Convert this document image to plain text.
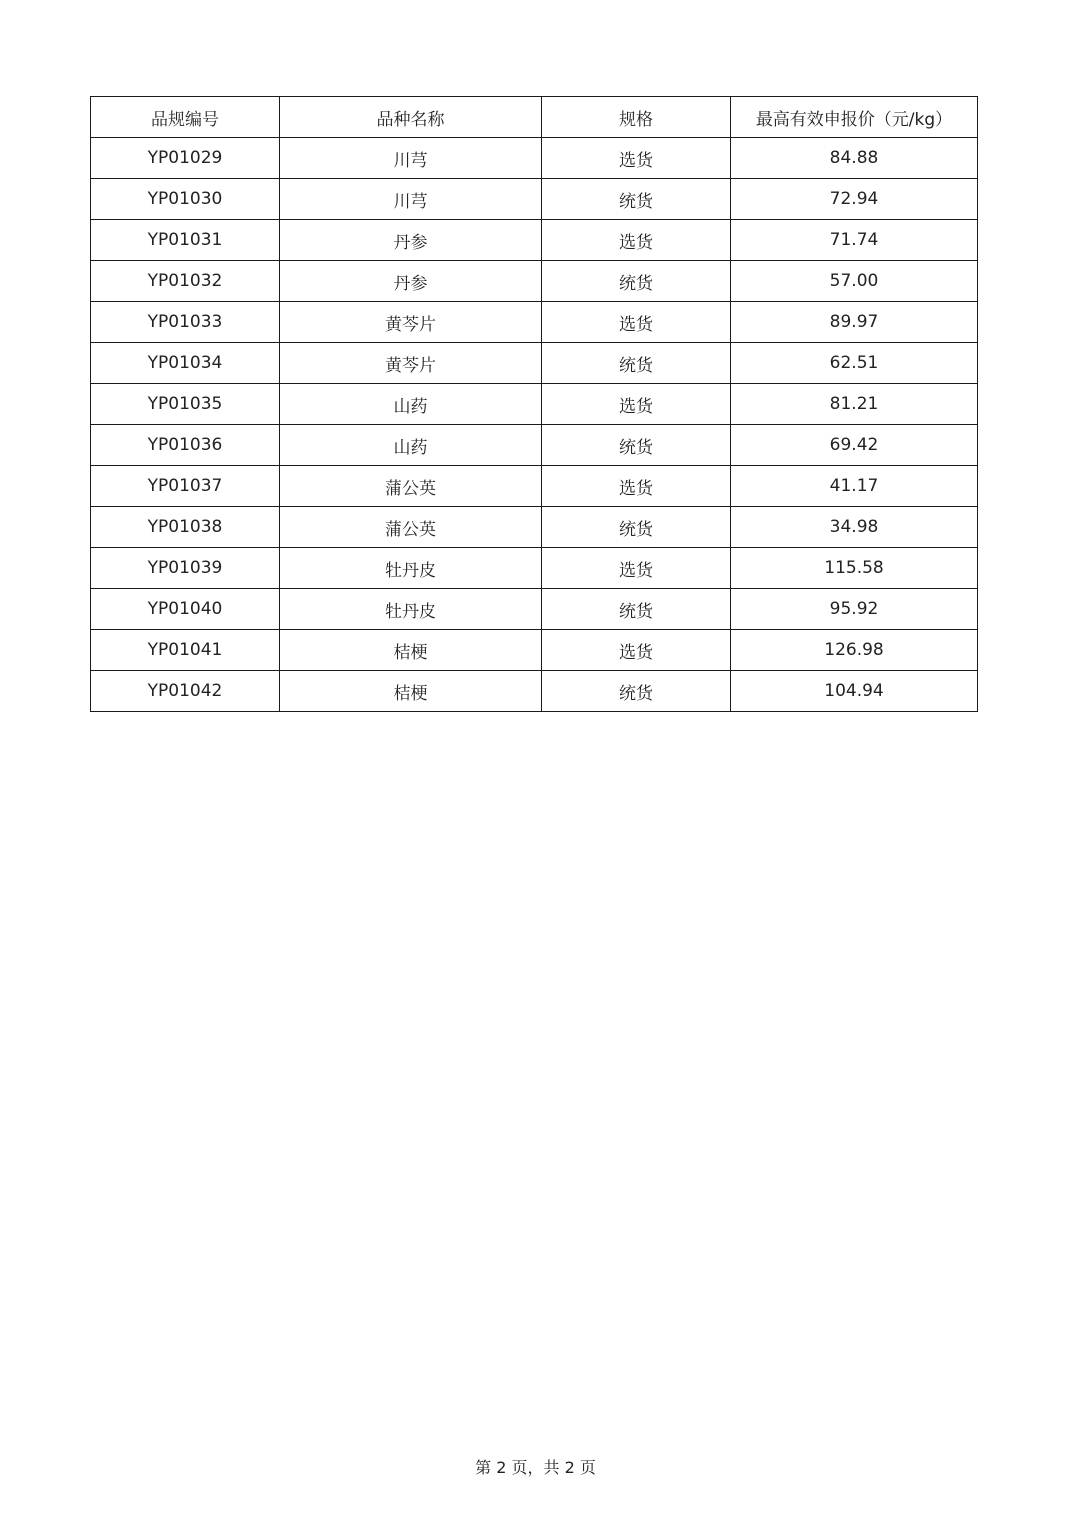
品规编号	品种名称	规格	最高有效申报价（元/kg）
YP01029	川芎	选货	84.88
YP01030	川芎	统货	72.94
YP01031	丹参	选货	71.74
YP01032	丹参	统货	57.00
YP01033	黄芩片	选货	89.97
YP01034	黄芩片	统货	62.51
YP01035	山药	选货	81.21
YP01036	山药	统货	69.42
YP01037	蒲公英	选货	41.17
YP01038	蒲公英	统货	34.98
YP01039	牡丹皮	选货	115.58
YP01040	牡丹皮	统货	95.92
YP01041	桔梗	选货	126.98
YP01042	桔梗	统货	104.94
第 2 页，共 2 页
